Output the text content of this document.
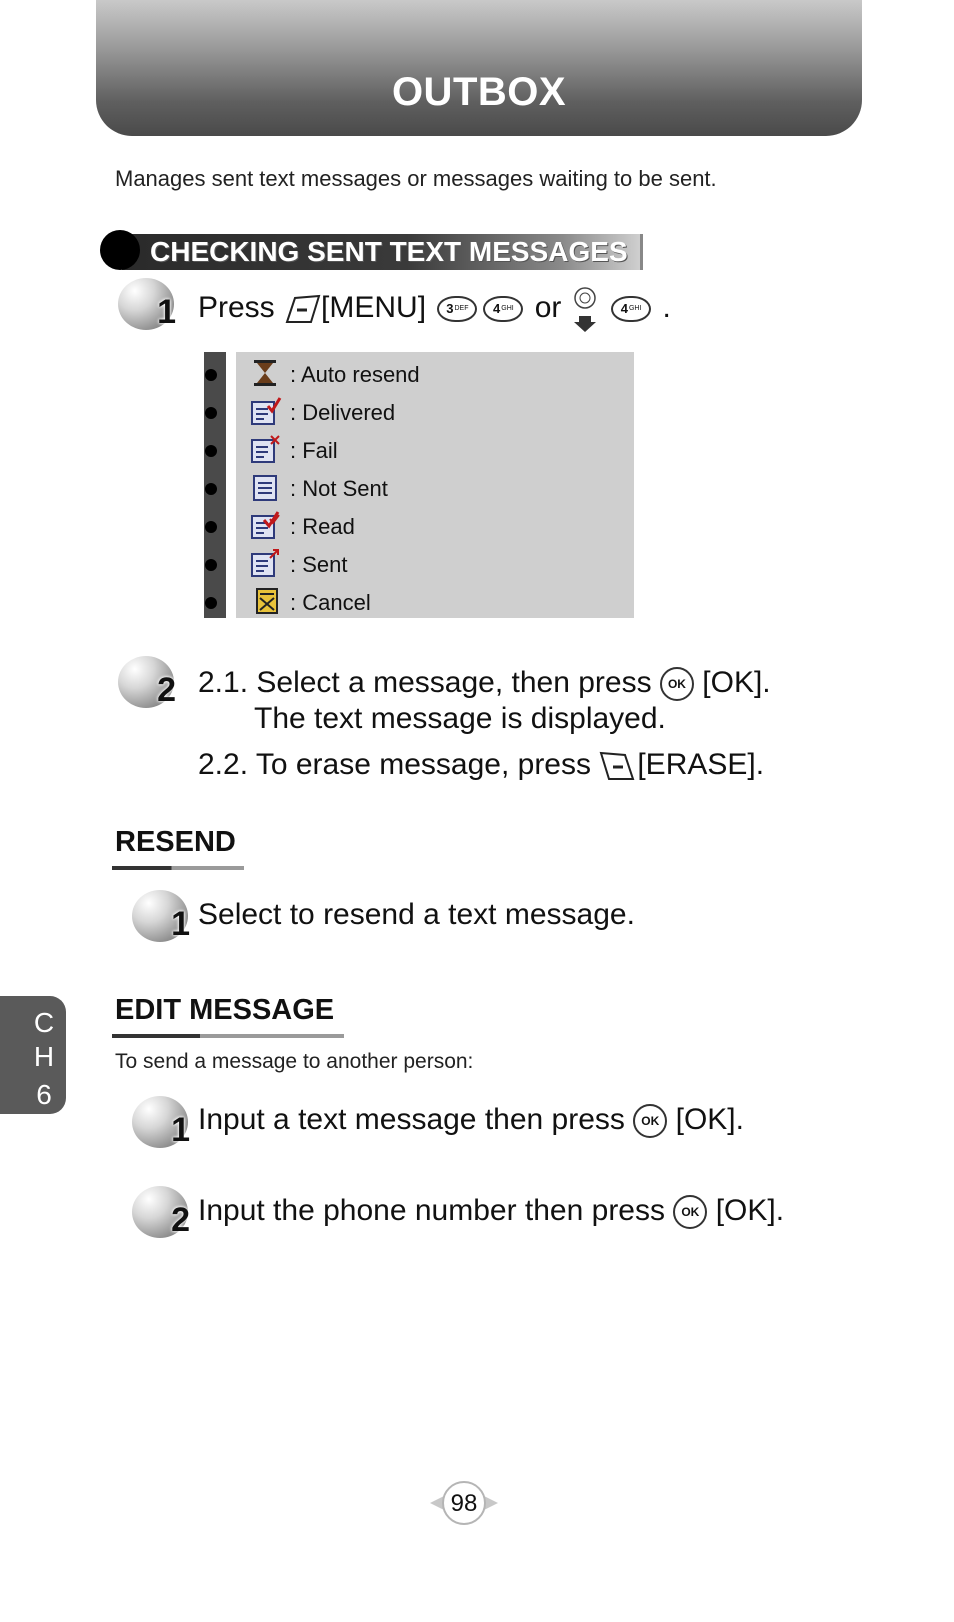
OUTBOX
Manages sent text messages or messages waiting to be sent.
CHECKING SENT TEXT MESSAGES
1 Press [MENU] $3^{DEF}$ $4^{GHI}$ or	$4^{GHI}$ .
: Auto resend
: Delivered
: Fail
: Not Sent
: Read
: Sent
: Cancel
2 2.1. Select a message, then press OK [OK].
The text message is displayed.
2.2. To erase message, press [ERASE].
RESEND
1 Select to resend a text message.
EDIT MESSAGE
To send a message to another person:
1 Input a text message then press OK [OK].
2 Input the phone number then press OK [OK].
C
H
6
98
